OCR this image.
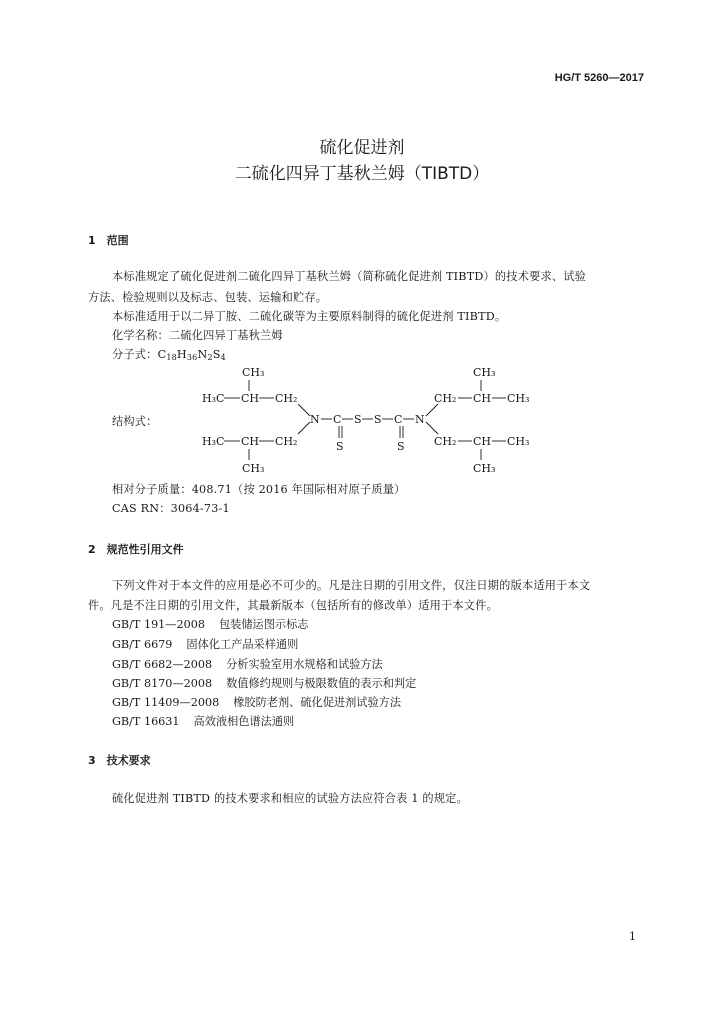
HG/T 5260—2017
硫化促进剂
二硫化四异丁基秋兰姆（TIBTD）
1　范围
本标准规定了硫化促进剂二硫化四异丁基秋兰姆（简称硫化促进剂 TIBTD）的技术要求、试验
方法、检验规则以及标志、包装、运输和贮存。
本标准适用于以二异丁胺、二硫化碳等为主要原料制得的硫化促进剂 TIBTD。
化学名称：二硫化四异丁基秋兰姆
分子式：$C_{18}H_{36}N_2S_4$
结构式：
CH₃
H₃C CH CH₂
N C
S
S S C
S
N
H₃C CH CH₂
CH₃
CH₂ CH CH₃
CH₃
CH₂ CH CH₃
CH₃
相对分子质量：408.71（按 2016 年国际相对原子质量）
CAS RN：3064-73-1
2　规范性引用文件
下列文件对于本文件的应用是必不可少的。凡是注日期的引用文件，仅注日期的版本适用于本文
件。凡是不注日期的引用文件，其最新版本（包括所有的修改单）适用于本文件。
GB/T 191—2008 包装储运图示标志
GB/T 6679 固体化工产品采样通则
GB/T 6682—2008 分析实验室用水规格和试验方法
GB/T 8170—2008 数值修约规则与极限数值的表示和判定
GB/T 11409—2008 橡胶防老剂、硫化促进剂试验方法
GB/T 16631 高效液相色谱法通则
3　技术要求
硫化促进剂 TIBTD 的技术要求和相应的试验方法应符合表 1 的规定。
1
